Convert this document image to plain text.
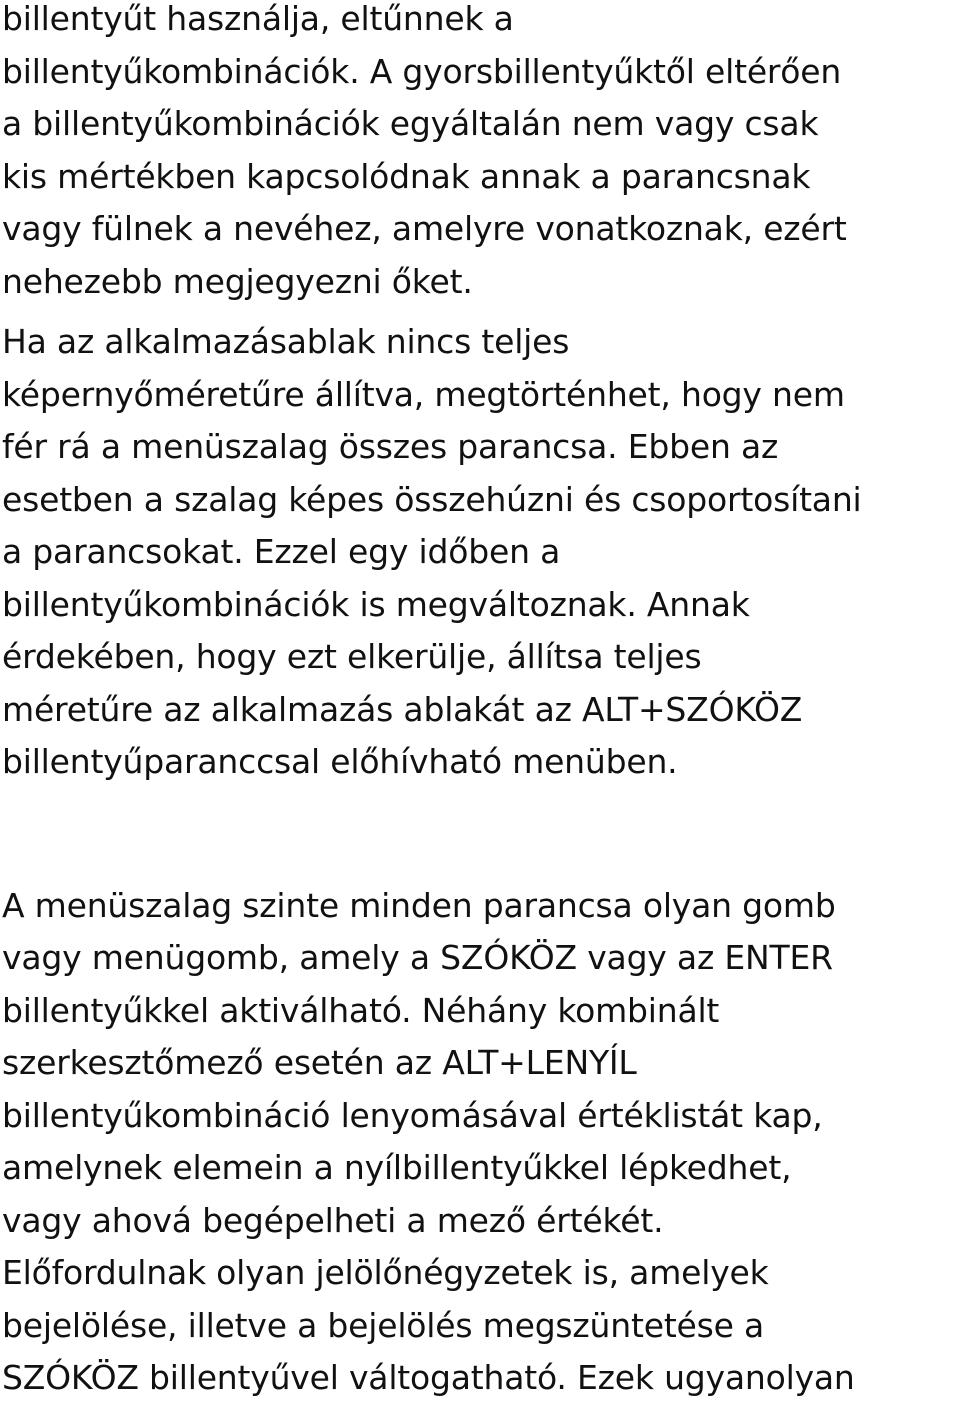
billentyűt használja, eltűnnek a
billentyűkombinációk. A gyorsbillentyűktől eltérően
a billentyűkombinációk egyáltalán nem vagy csak
kis mértékben kapcsolódnak annak a parancsnak
vagy fülnek a nevéhez, amelyre vonatkoznak, ezért
nehezebb megjegyezni őket.
Ha az alkalmazásablak nincs teljes
képernyőméretűre állítva, megtörténhet, hogy nem
fér rá a menüszalag összes parancsa. Ebben az
esetben a szalag képes összehúzni és csoportosítani
a parancsokat. Ezzel egy időben a
billentyűkombinációk is megváltoznak. Annak
érdekében, hogy ezt elkerülje, állítsa teljes
méretűre az alkalmazás ablakát az ALT+SZÓKÖZ
billentyűparanccsal előhívható menüben.
A menüszalag szinte minden parancsa olyan gomb
vagy menügomb, amely a SZÓKÖZ vagy az ENTER
billentyűkkel aktiválható. Néhány kombinált
szerkesztőmező esetén az ALT+LENYÍL
billentyűkombináció lenyomásával értéklistát kap,
amelynek elemein a nyílbillentyűkkel lépkedhet,
vagy ahová begépelheti a mező értékét.
Előfordulnak olyan jelölőnégyzetek is, amelyek
bejelölése, illetve a bejelölés megszüntetése a
SZÓKÖZ billentyűvel váltogatható. Ezek ugyanolyan
